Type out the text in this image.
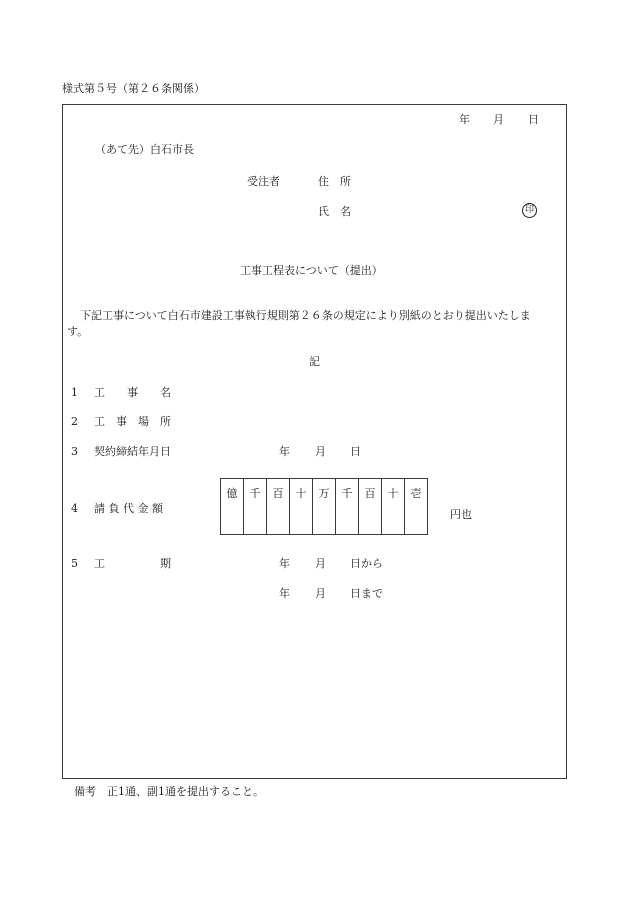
様式第５号（第２６条関係）
年 月 日
（あて先）白石市長
受注者	住　所
氏　名	印
工事工程表について（提出）
下記工事について白石市建設工事執行規則第２６条の規定により別紙のとおり提出いたしま
す。
記
1 工　　事　　名
2 工　事　場　所
3 契約締結年月日	年 月 日
4 請 負 代 金 額
億	千	百	十	万	千	百	十	壱
円也
5 工　　　　　期	年 月 日から
年 月 日まで
備考　正1通、副1通を提出すること。
